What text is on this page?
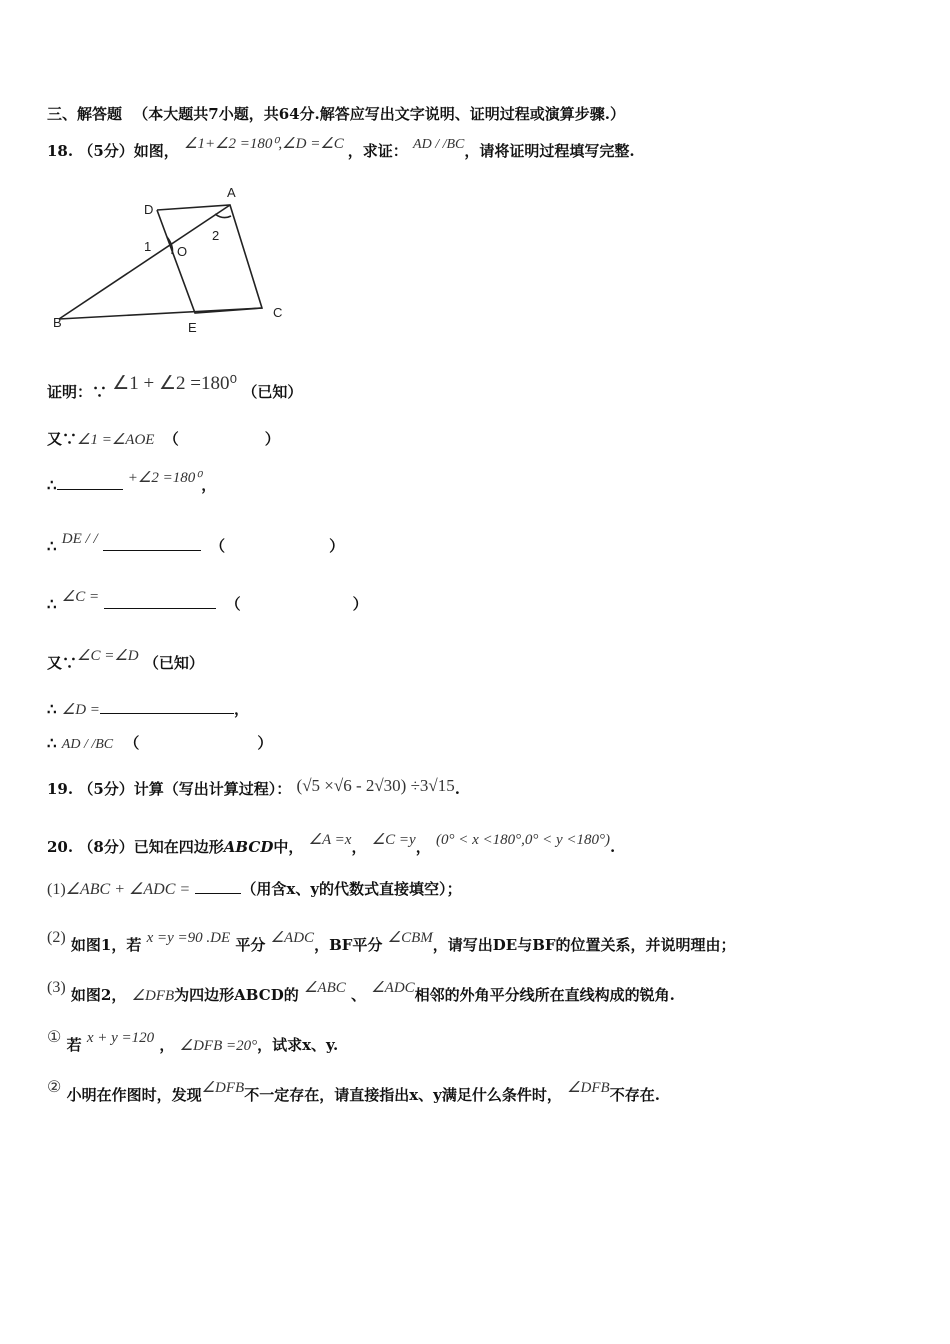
三、解答题 （本大题共7小题，共64分.解答应写出文字说明、证明过程或演算步骤.）
18. （5分）如图， ∠1+∠2 =180⁰,∠D =∠C ，求证： AD / /BC，请将证明过程填写完整.
D
A
1 O
2
B	E
C
证明：∵ ∠1 + ∠2 =180⁰ （已知）
又∵∠1 =∠AOE （	）
∴	+∠2 =180⁰，
∴ DE / /	（	）
∴ ∠C =	（	）
又∵∠C =∠D （已知）
∴ ∠D =	，
∴ AD / /BC （	）
19. （5分）计算（写出计算过程）： (√5 ×√6 - 2√30) ÷3√15.
20. （8分）已知在四边形ABCD中， ∠A =x， ∠C =y， (0° < x <180°,0° < y <180°).
(1)∠ABC + ∠ADC =	（用含x、y的代数式直接填空）；
(2) 如图1，若 x =y =90 .DE 平分 ∠ADC，BF平分 ∠CBM，请写出DE与BF的位置关系，并说明理由；
(3) 如图2， ∠DFB为四边形ABCD的 ∠ABC 、 ∠ADC相邻的外角平分线所在直线构成的锐角.
① 若 x + y =120 ， ∠DFB =20°，试求x、y.
② 小明在作图时，发现∠DFB不一定存在，请直接指出x、y满足什么条件时， ∠DFB不存在.
